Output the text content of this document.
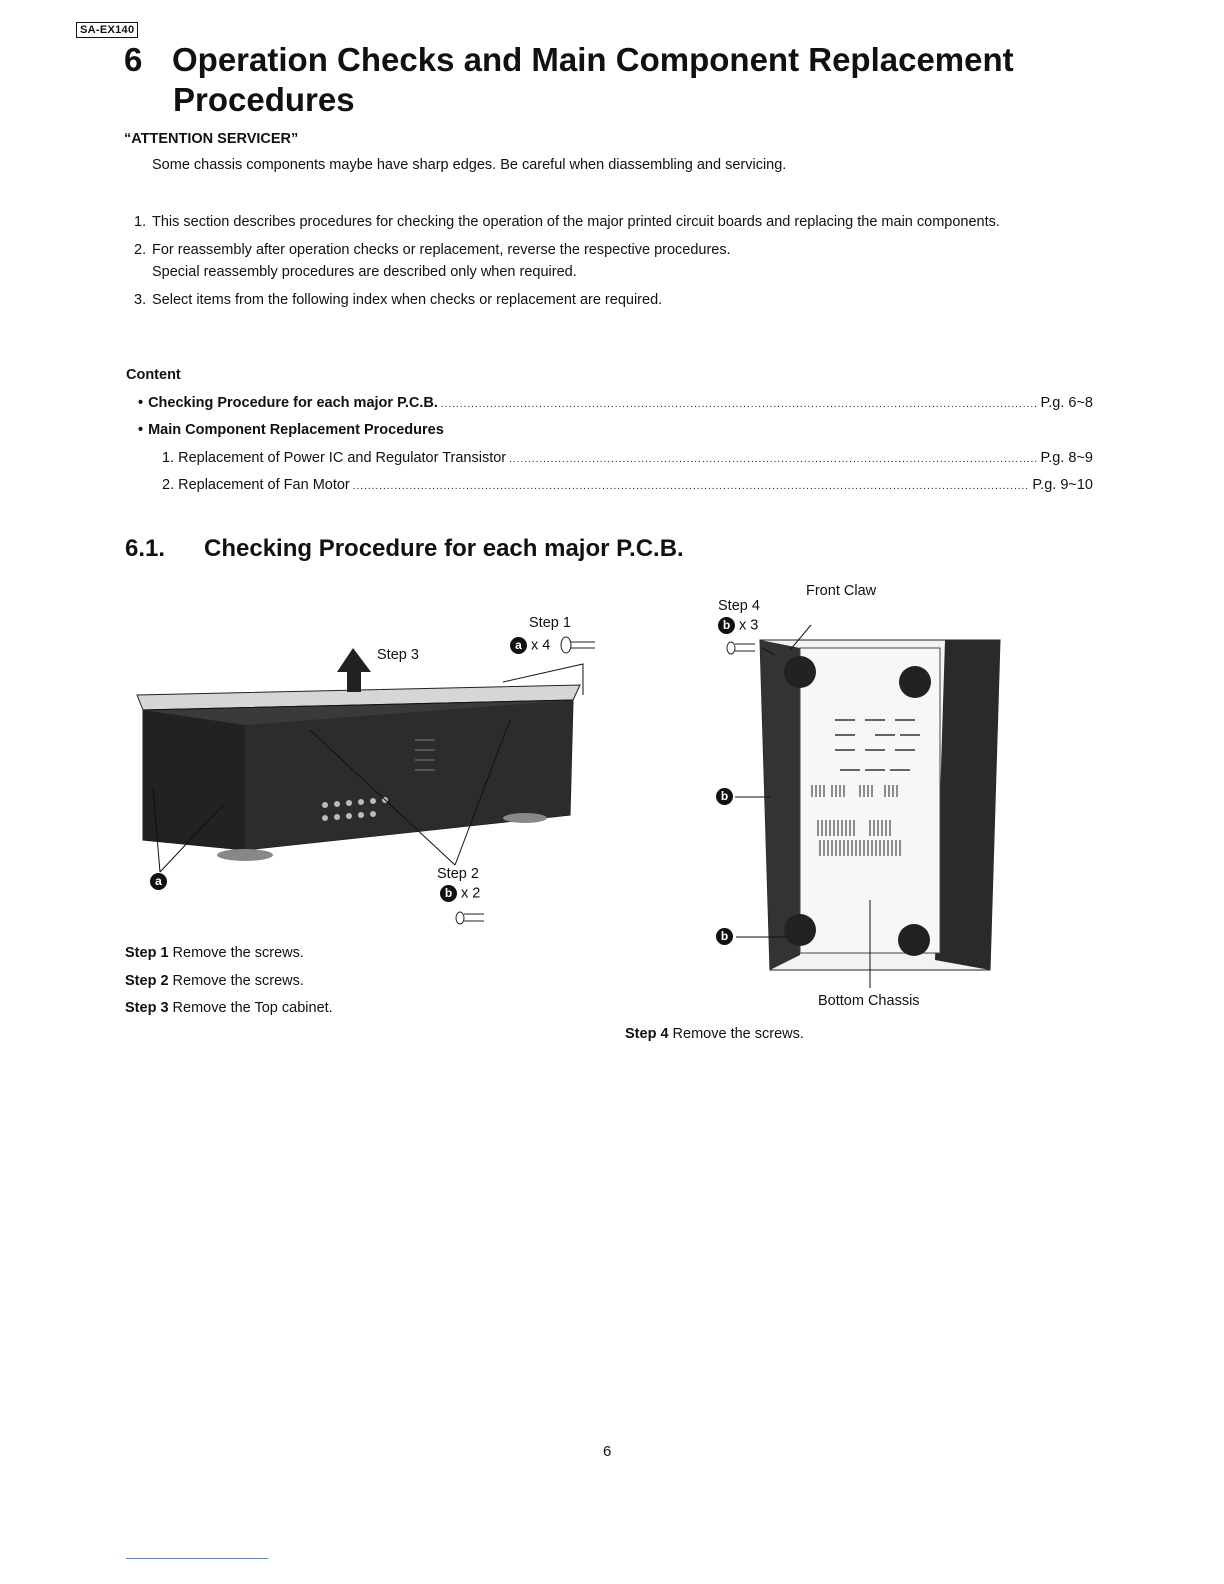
SA-EX140
6 Operation Checks and Main Component Replacement
Procedures
“ATTENTION SERVICER”
Some chassis components maybe have sharp edges. Be careful when diassembling and servicing.
1. This section describes procedures for checking the operation of the major printed circuit boards and replacing the main components.

2. For reassembly after operation checks or replacement, reverse the respective procedures.

Special reassembly procedures are described only when required.

3. Select items from the following index when checks or replacement are required.

Content
• Checking Procedure for each major P.C.B. .....	P.g. 6~8
• Main Component Replacement Procedures
1. Replacement of Power IC and Regulator Transistor .....	P.g. 8~9
2. Replacement of Fan Motor .....	P.g. 9~10
6.1. Checking Procedure for each major P.C.B.
Step 3
Step 1
a x 4
Step 2
b x 2
a
Front Claw
Step 4
b x 3
b
b
Bottom Chassis
Step 1 Remove the screws.
Step 2 Remove the screws.
Step 3 Remove the Top cabinet.
Step 4 Remove the screws.
6
